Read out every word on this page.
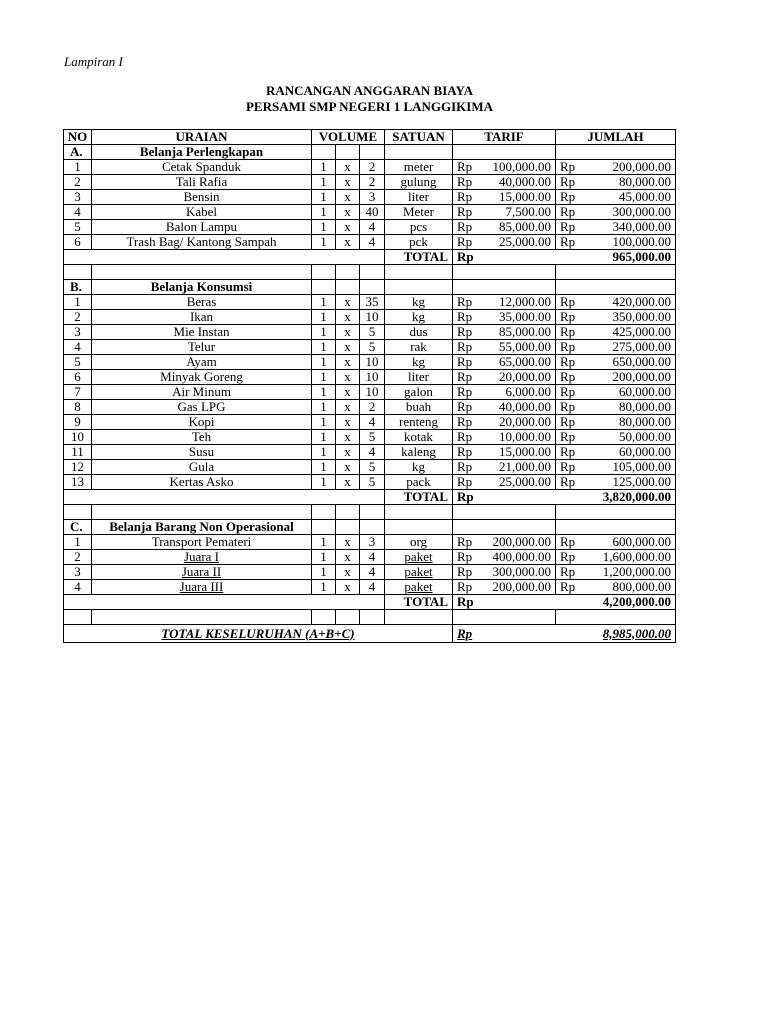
Lampiran I
RANCANGAN ANGGARAN BIAYA
PERSAMI SMP NEGERI 1 LANGGIKIMA
NO	URAIAN	VOLUME			SATUAN	TARIF		JUMLAH	
A.	Belanja Perlengkapan								
1	Cetak Spanduk	1	x	2	meter	Rp	100,000.00	Rp	200,000.00
2	Tali Rafia	1	x	2	gulung	Rp	40,000.00	Rp	80,000.00
3	Bensin	1	x	3	liter	Rp	15,000.00	Rp	45,000.00
4	Kabel	1	x	40	Meter	Rp	7,500.00	Rp	300,000.00
5	Balon Lampu	1	x	4	pcs	Rp	85,000.00	Rp	340,000.00
6	Trash Bag/ Kantong Sampah	1	x	4	pck	Rp	25,000.00	Rp	100,000.00
					TOTAL	Rp	965,000.00		

B.	Belanja Konsumsi								
1	Beras	1	x	35	kg	Rp	12,000.00	Rp	420,000.00
2	Ikan	1	x	10	kg	Rp	35,000.00	Rp	350,000.00
3	Mie Instan	1	x	5	dus	Rp	85,000.00	Rp	425,000.00
4	Telur	1	x	5	rak	Rp	55,000.00	Rp	275,000.00
5	Ayam	1	x	10	kg	Rp	65,000.00	Rp	650,000.00
6	Minyak Goreng	1	x	10	liter	Rp	20,000.00	Rp	200,000.00
7	Air Minum	1	x	10	galon	Rp	6,000.00	Rp	60,000.00
8	Gas LPG	1	x	2	buah	Rp	40,000.00	Rp	80,000.00
9	Kopi	1	x	4	renteng	Rp	20,000.00	Rp	80,000.00
10	Teh	1	x	5	kotak	Rp	10,000.00	Rp	50,000.00
11	Susu	1	x	4	kaleng	Rp	15,000.00	Rp	60,000.00
12	Gula	1	x	5	kg	Rp	21,000.00	Rp	105,000.00
13	Kertas Asko	1	x	5	pack	Rp	25,000.00	Rp	125,000.00
					TOTAL	Rp	3,820,000.00		

C.	Belanja Barang Non Operasional								
1	Transport Pemateri	1	x	3	org	Rp	200,000.00	Rp	600,000.00
2	Juara I	1	x	4	paket	Rp	400,000.00	Rp	1,600,000.00
3	Juara II	1	x	4	paket	Rp	300,000.00	Rp	1,200,000.00
4	Juara III	1	x	4	paket	Rp	200,000.00	Rp	800,000.00
					TOTAL	Rp	4,200,000.00		

TOTAL KESELURUHAN (A+B+C)						Rp	8,985,000.00		
